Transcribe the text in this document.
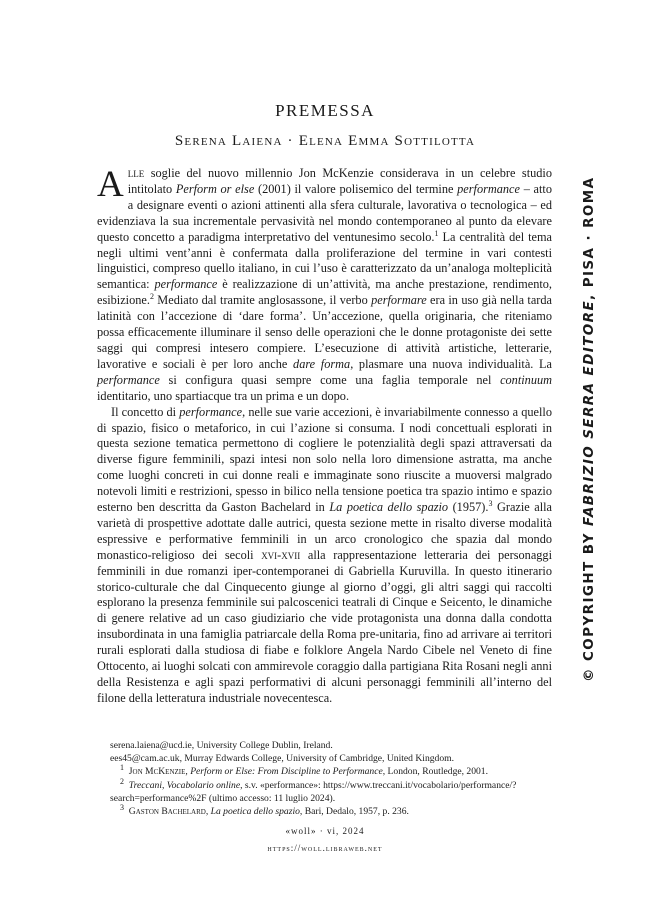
PREMESSA
Serena Laiena · Elena Emma Sottilotta

Alle soglie del nuovo millennio Jon McKenzie considerava in un celebre studio intitolato Perform or else (2001) il valore polisemico del termine performance – atto a designare eventi o azioni attinenti alla sfera culturale, lavorativa o tecnologica – ed evidenziava la sua incrementale pervasività nel mondo contemporaneo al punto da elevare questo concetto a paradigma interpretativo del ventunesimo secolo.$^1$ La centralità del tema negli ultimi vent’anni è confermata dalla proliferazione del termine in vari contesti linguistici, compreso quello italiano, in cui l’uso è caratterizzato da un’analoga molteplicità semantica: performance è realizzazione di un’attività, ma anche prestazione, rendimento, esibizione.$^2$ Mediato dal tramite anglosassone, il verbo performare era in uso già nella tarda latinità con l’accezione di ‘dare forma’. Un’accezione, quella originaria, che riteniamo possa efficacemente illuminare il senso delle operazioni che le donne protagoniste dei sette saggi qui compresi intesero compiere. L’esecuzione di attività artistiche, letterarie, lavorative e sociali è per loro anche dare forma, plasmare una nuova individualità. La performance si configura quasi sempre come una faglia temporale nel continuum identitario, uno spartiacque tra un prima e un dopo.

Il concetto di performance, nelle sue varie accezioni, è invariabilmente connesso a quello di spazio, fisico o metaforico, in cui l’azione si consuma. I nodi concettuali esplorati in questa sezione tematica permettono di cogliere le potenzialità degli spazi attraversati da diverse figure femminili, spazi intesi non solo nella loro dimensione astratta, ma anche come luoghi concreti in cui donne reali e immaginate sono riuscite a muoversi malgrado notevoli limiti e restrizioni, spesso in bilico nella tensione poetica tra spazio intimo e spazio esterno ben descritta da Gaston Bachelard in La poetica dello spazio (1957).$^3$ Grazie alla varietà di prospettive adottate dalle autrici, questa sezione mette in risalto diverse modalità espressive e performative femminili in un arco cronologico che spazia dal mondo monastico-religioso dei secoli xvi-xvii alla rappresentazione letteraria dei personaggi femminili in due romanzi iper-contemporanei di Gabriella Kuruvilla. In questo itinerario storico-culturale che dal Cinquecento giunge al giorno d’oggi, gli altri saggi qui raccolti esplorano la presenza femminile sui palcoscenici teatrali di Cinque e Seicento, le dinamiche di genere relative ad un caso giudiziario che vide protagonista una donna dalla condotta insubordinata in una famiglia patriarcale della Roma pre-unitaria, fino ad arrivare ai territori rurali esplorati dalla studiosa di fiabe e folklore Angela Nardo Cibele nel Veneto di fine Ottocento, ai luoghi solcati con ammirevole coraggio dalla partigiana Rita Rosani negli anni della Resistenza e agli spazi performativi di alcuni personaggi femminili all’interno del filone della letteratura industriale novecentesca.

serena.laiena@ucd.ie, University College Dublin, Ireland.
ees45@cam.ac.uk, Murray Edwards College, University of Cambridge, United Kingdom.
$^1$ Jon McKenzie, Perform or Else: From Discipline to Performance, London, Routledge, 2001.
$^2$ Treccani, Vocabolario online, s.v. «performance»: https://www.treccani.it/vocabolario/performance/?
search=performance%2F (ultimo accesso: 11 luglio 2024).
$^3$ Gaston Bachelard, La poetica dello spazio, Bari, Dedalo, 1957, p. 236.
«woll» · vi, 2024
https://woll.libraweb.net
© COPYRIGHT BY FABRIZIO SERRA EDITORE, PISA · ROMA
